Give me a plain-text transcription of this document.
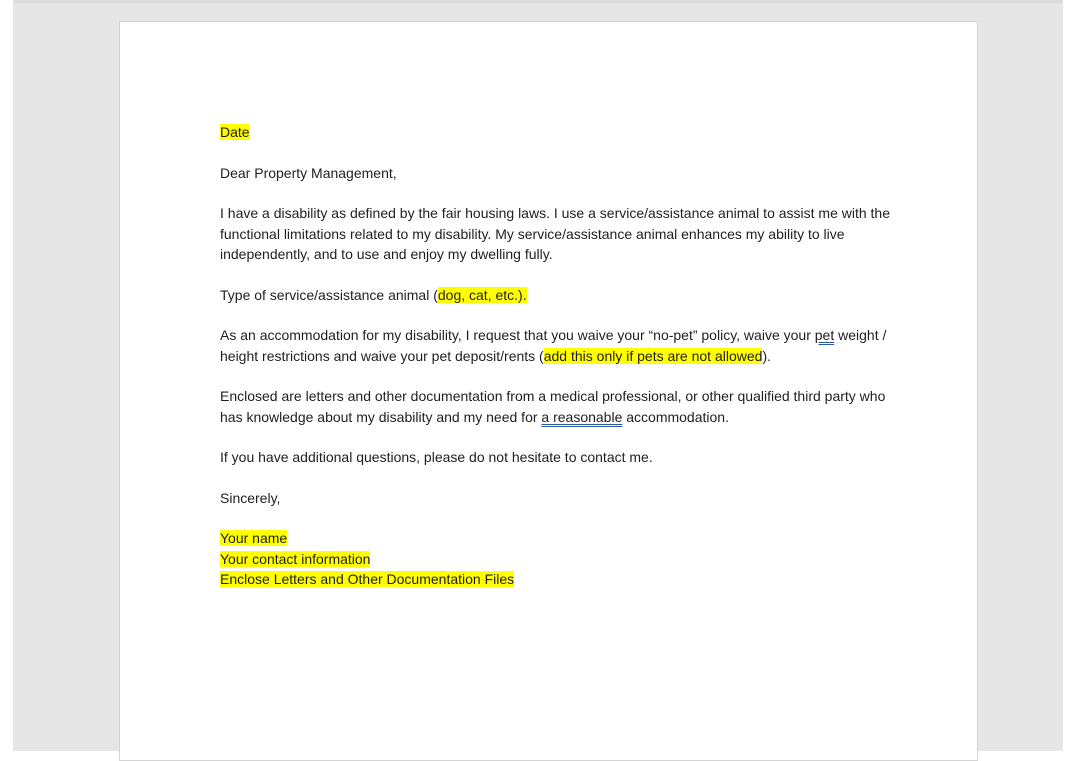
Date

Dear Property Management,

I have a disability as defined by the fair housing laws. I use a service/assistance animal to assist me with the functional limitations related to my disability. My service/assistance animal enhances my ability to live independently, and to use and enjoy my dwelling fully.

Type of service/assistance animal (dog, cat, etc.).

As an accommodation for my disability, I request that you waive your “no-pet” policy, waive your pet weight / height restrictions and waive your pet deposit/rents (add this only if pets are not allowed).

Enclosed are letters and other documentation from a medical professional, or other qualified third party who has knowledge about my disability and my need for a reasonable accommodation.

If you have additional questions, please do not hesitate to contact me.

Sincerely,

Your name

Your contact information

Enclose Letters and Other Documentation Files
